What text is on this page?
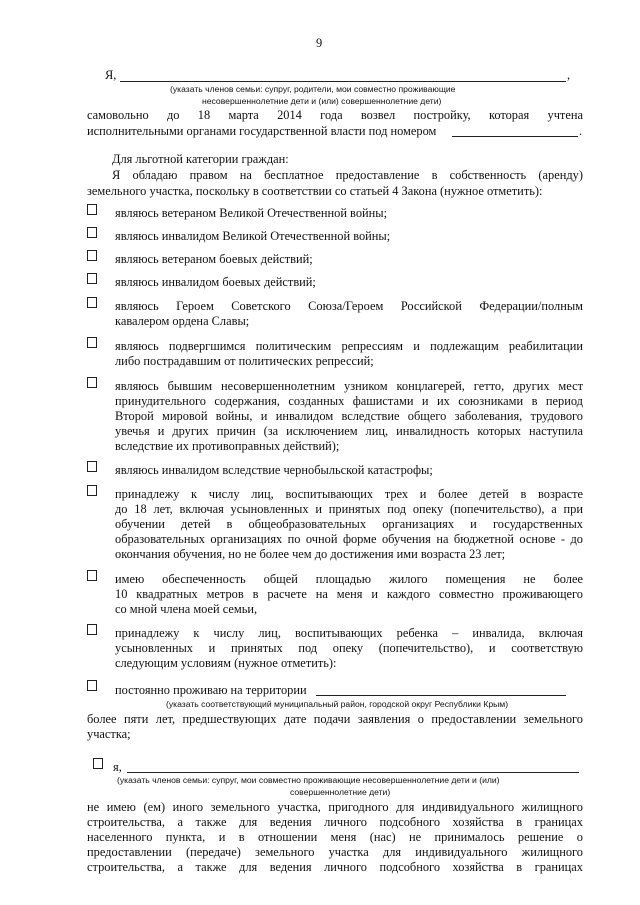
9
Я,	,
(указать членов семьи: супруг, родители, мои совместно проживающие
несовершеннолетние дети и (или) совершеннолетние дети)
самовольно до 18 марта 2014 года возвел постройку, которая учтена
исполнительными органами государственной власти под номером	.
Для льготной категории граждан:
Я обладаю правом на бесплатное предоставление в собственность (аренду)
земельного участка, поскольку в соответствии со статьей 4 Закона (нужное отметить):
являюсь ветераном Великой Отечественной войны;
являюсь инвалидом Великой Отечественной войны;
являюсь ветераном боевых действий;
являюсь инвалидом боевых действий;
являюсь Героем Советского Союза/Героем Российской Федерации/полным
кавалером ордена Славы;
являюсь подвергшимся политическим репрессиям и подлежащим реабилитации
либо пострадавшим от политических репрессий;
являюсь бывшим несовершеннолетним узником концлагерей, гетто, других мест
принудительного содержания, созданных фашистами и их союзниками в период
Второй мировой войны, и инвалидом вследствие общего заболевания, трудового
увечья и других причин (за исключением лиц, инвалидность которых наступила
вследствие их противоправных действий);
являюсь инвалидом вследствие чернобыльской катастрофы;
принадлежу к числу лиц, воспитывающих трех и более детей в возрасте
до 18 лет, включая усыновленных и принятых под опеку (попечительство), а при
обучении детей в общеобразовательных организациях и государственных
образовательных организациях по очной форме обучения на бюджетной основе - до
окончания обучения, но не более чем до достижения ими возраста 23 лет;
имею обеспеченность общей площадью жилого помещения не более
10 квадратных метров в расчете на меня и каждого совместно проживающего
со мной члена моей семьи,
принадлежу к числу лиц, воспитывающих ребенка – инвалида, включая
усыновленных и принятых под опеку (попечительство), и соответствую
следующим условиям (нужное отметить):
постоянно проживаю на территории
(указать соответствующий муниципальный район, городской округ Республики Крым)
более пяти лет, предшествующих дате подачи заявления о предоставлении земельного
участка;
я,
(указать членов семьи: супруг, мои совместно проживающие несовершеннолетние дети и (или)
совершеннолетние дети)
не имею (ем) иного земельного участка, пригодного для индивидуального жилищного
строительства, а также для ведения личного подсобного хозяйства в границах
населенного пункта, и в отношении меня (нас) не принималось решение о
предоставлении (передаче) земельного участка для индивидуального жилищного
строительства, а также для ведения личного подсобного хозяйства в границах
